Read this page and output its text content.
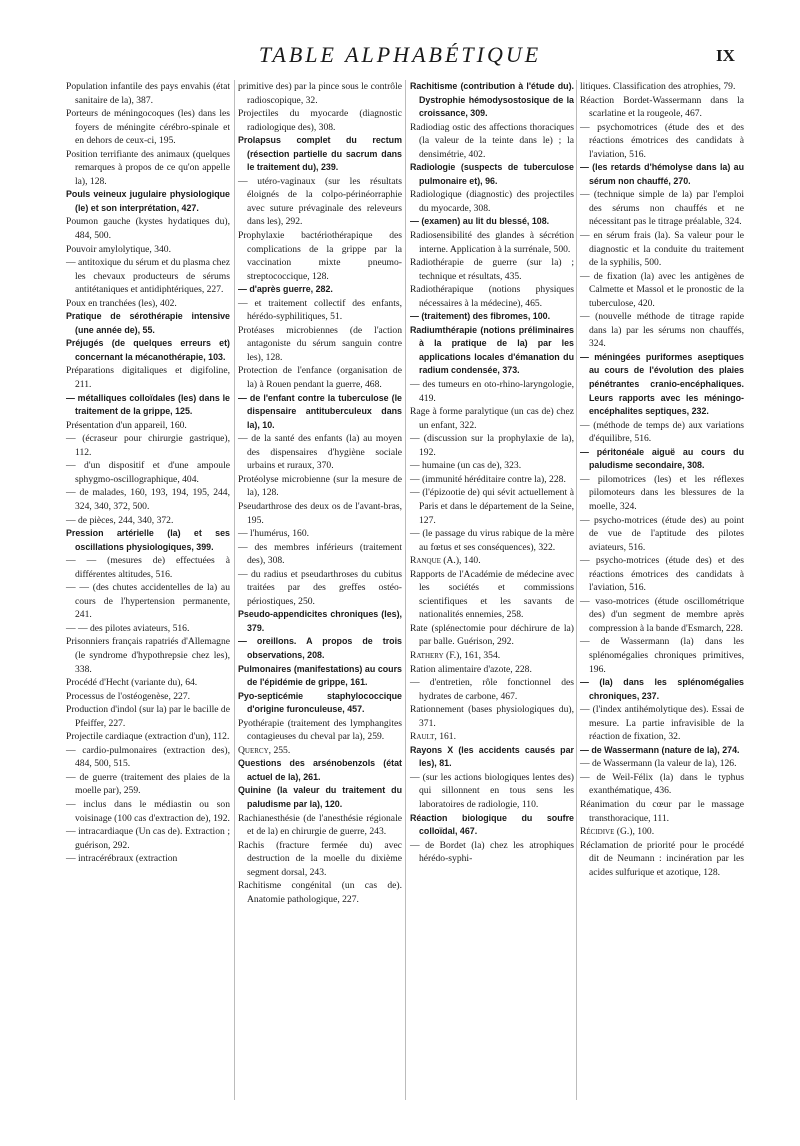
TABLE ALPHABÉTIQUE	IX
Population infantile des pays envahis (état sanitaire de la), 387.
Porteurs de méningocoques (les) dans les foyers de méningite cérébro-spinale et en dehors de ceux-ci, 195.
Position terrifiante des animaux (quelques remarques à propos de ce qu'on appelle la), 128.
Pouls veineux jugulaire physiologique (le) et son interprétation, 427.
Poumon gauche (kystes hydatiques du), 484, 500.
Pouvoir amylolytique, 340.
— antitoxique du sérum et du plasma chez les chevaux producteurs de sérums antitétaniques et antidiphtériques, 227.
Poux en tranchées (les), 402.
Pratique de sérothérapie intensive (une année de), 55.
Préjugés (de quelques erreurs et) concernant la mécanothérapie, 103.
Préparations digitaliques et digifoline, 211.
— métalliques colloïdales (les) dans le traitement de la grippe, 125.
Présentation d'un appareil, 160.
— (écraseur pour chirurgie gastrique), 112.
— d'un dispositif et d'une ampoule sphygmo-oscillographique, 404.
— de malades, 160, 193, 194, 195, 244, 324, 340, 372, 500.
— de pièces, 244, 340, 372.
Pression artérielle (la) et ses oscillations physiologiques, 399.
— — (mesures de) effectuées à différentes altitudes, 516.
— — (des chutes accidentelles de la) au cours de l'hypertension permanente, 241.
— — des pilotes aviateurs, 516.
Prisonniers français rapatriés d'Allemagne (le syndrome d'hypothrepsie chez les), 338.
Procédé d'Hecht (variante du), 64.
Processus de l'ostéogenèse, 227.
Production d'indol (sur la) par le bacille de Pfeiffer, 227.
Projectile cardiaque (extraction d'un), 112.
— cardio-pulmonaires (extraction des), 484, 500, 515.
— de guerre (traitement des plaies de la moelle par), 259.
— inclus dans le médiastin ou son voisinage (100 cas d'extraction de), 192.
— intracardiaque (Un cas de). Extraction ; guérison, 292.
— intracérébraux (extraction
primitive des) par la pince sous le contrôle radioscopique, 32.
Projectiles du myocarde (diagnostic radiologique des), 308.
Prolapsus complet du rectum (résection partielle du sacrum dans le traitement du), 239.
— utéro-vaginaux (sur les résultats éloignés de la colpo-périnéorraphie avec suture prévaginale des releveurs dans les), 292.
Prophylaxie bactériothérapique des complications de la grippe par la vaccination mixte pneumo-streptococcique, 128.
— d'après guerre, 282.
— et traitement collectif des enfants, hérédo-syphilitiques, 51.
Protéases microbiennes (de l'action antagoniste du sérum sanguin contre les), 128.
Protection de l'enfance (organisation de la) à Rouen pendant la guerre, 468.
— de l'enfant contre la tuberculose (le dispensaire antituberculeux dans la), 10.
— de la santé des enfants (la) au moyen des dispensaires d'hygiène sociale urbains et ruraux, 370.
Protéolyse microbienne (sur la mesure de la), 128.
Pseudarthrose des deux os de l'avant-bras, 195.
— l'humérus, 160.
— des membres inférieurs (traitement des), 308.
— du radius et pseudarthroses du cubitus traitées par des greffes ostéo-périostiques, 250.
Pseudo-appendicites chroniques (les), 379.
— oreillons. A propos de trois observations, 208.
Pulmonaires (manifestations) au cours de l'épidémie de grippe, 161.
Pyo-septicémie staphylococcique d'origine furonculeuse, 457.
Pyothérapie (traitement des lymphangites contagieuses du cheval par la), 259.
Quercy, 255.
Questions des arsénobenzols (état actuel de la), 261.
Quinine (la valeur du traitement du paludisme par la), 120.
Rachianesthésie (de l'anesthésie régionale et de la) en chirurgie de guerre, 243.
Rachis (fracture fermée du) avec destruction de la moelle du dixième segment dorsal, 243.
Rachitisme congénital (un cas de). Anatomie pathologique, 227.
Rachitisme (contribution à l'étude du). Dystrophie hémodysostosique de la croissance, 309.
Radiodiag ostic des affections thoraciques (la valeur de la teinte dans le) ; la densimétrie, 402.
Radiologie (suspects de tuberculose pulmonaire et), 96.
Radiologique (diagnostic) des projectiles du myocarde, 308.
— (examen) au lit du blessé, 108.
Radiosensibilité des glandes à sécrétion interne. Application à la surrénale, 500.
Radiothérapie de guerre (sur la) ; technique et résultats, 435.
Radiothérapique (notions physiques nécessaires à la médecine), 465.
— (traitement) des fibromes, 100.
Radiumthérapie (notions préliminaires à la pratique de la) par les applications locales d'émanation du radium condensée, 373.
— des tumeurs en oto-rhino-laryngologie, 419.
Rage à forme paralytique (un cas de) chez un enfant, 322.
— (discussion sur la prophylaxie de la), 192.
— humaine (un cas de), 323.
— (immunité héréditaire contre la), 228.
— (l'épizootie de) qui sévit actuellement à Paris et dans le département de la Seine, 127.
— (le passage du virus rabique de la mère au fœtus et ses conséquences), 322.
Ranque (A.), 140.
Rapports de l'Académie de médecine avec les sociétés et commissions scientifiques et les savants de nationalités ennemies, 258.
Rate (splénectomie pour déchirure de la) par balle. Guérison, 292.
Rathery (F.), 161, 354.
Ration alimentaire d'azote, 228.
— d'entretien, rôle fonctionnel des hydrates de carbone, 467.
Rationnement (bases physiologiques du), 371.
Rault, 161.
Rayons X (les accidents causés par les), 81.
— (sur les actions biologiques lentes des) qui sillonnent en tous sens les laboratoires de radiologie, 110.
Réaction biologique du soufre colloïdal, 467.
— de Bordet (la) chez les atrophiques hérédo-syphi-
litiques. Classification des atrophies, 79.
Réaction Bordet-Wassermann dans la scarlatine et la rougeole, 467.
— psychomotrices (étude des et des réactions émotrices des candidats à l'aviation, 516.
— (les retards d'hémolyse dans la) au sérum non chauffé, 270.
— (technique simple de la) par l'emploi des sérums non chauffés et ne nécessitant pas le titrage préalable, 324.
— en sérum frais (la). Sa valeur pour le diagnostic et la conduite du traitement de la syphilis, 500.
— de fixation (la) avec les antigènes de Calmette et Massol et le pronostic de la tuberculose, 420.
— (nouvelle méthode de titrage rapide dans la) par les sérums non chauffés, 324.
— méningées puriformes aseptiques au cours de l'évolution des plaies pénétrantes cranio-encéphaliques. Leurs rapports avec les méningo-encéphalites septiques, 232.
— (méthode de temps de) aux variations d'équilibre, 516.
— péritonéale aiguë au cours du paludisme secondaire, 308.
— pilomotrices (les) et les réflexes pilomoteurs dans les blessures de la moelle, 324.
— psycho-motrices (étude des) au point de vue de l'aptitude des pilotes aviateurs, 516.
— psycho-motrices (étude des) et des réactions émotrices des candidats à l'aviation, 516.
— vaso-motrices (étude oscillométrique des) d'un segment de membre après compression à la bande d'Esmarch, 228.
— de Wassermann (la) dans les splénomégalies chroniques primitives, 196.
— (la) dans les splénomégalies chroniques, 237.
— (l'index antihémolytique des). Essai de mesure. La partie infravisible de la réaction de fixation, 32.
— de Wassermann (nature de la), 274.
— de Wassermann (la valeur de la), 126.
— de Weil-Félix (la) dans le typhus exanthématique, 436.
Réanimation du cœur par le massage transthoracique, 111.
Récidive (G.), 100.
Réclamation de priorité pour le procédé dit de Neumann : incinération par les acides sulfurique et azotique, 128.
